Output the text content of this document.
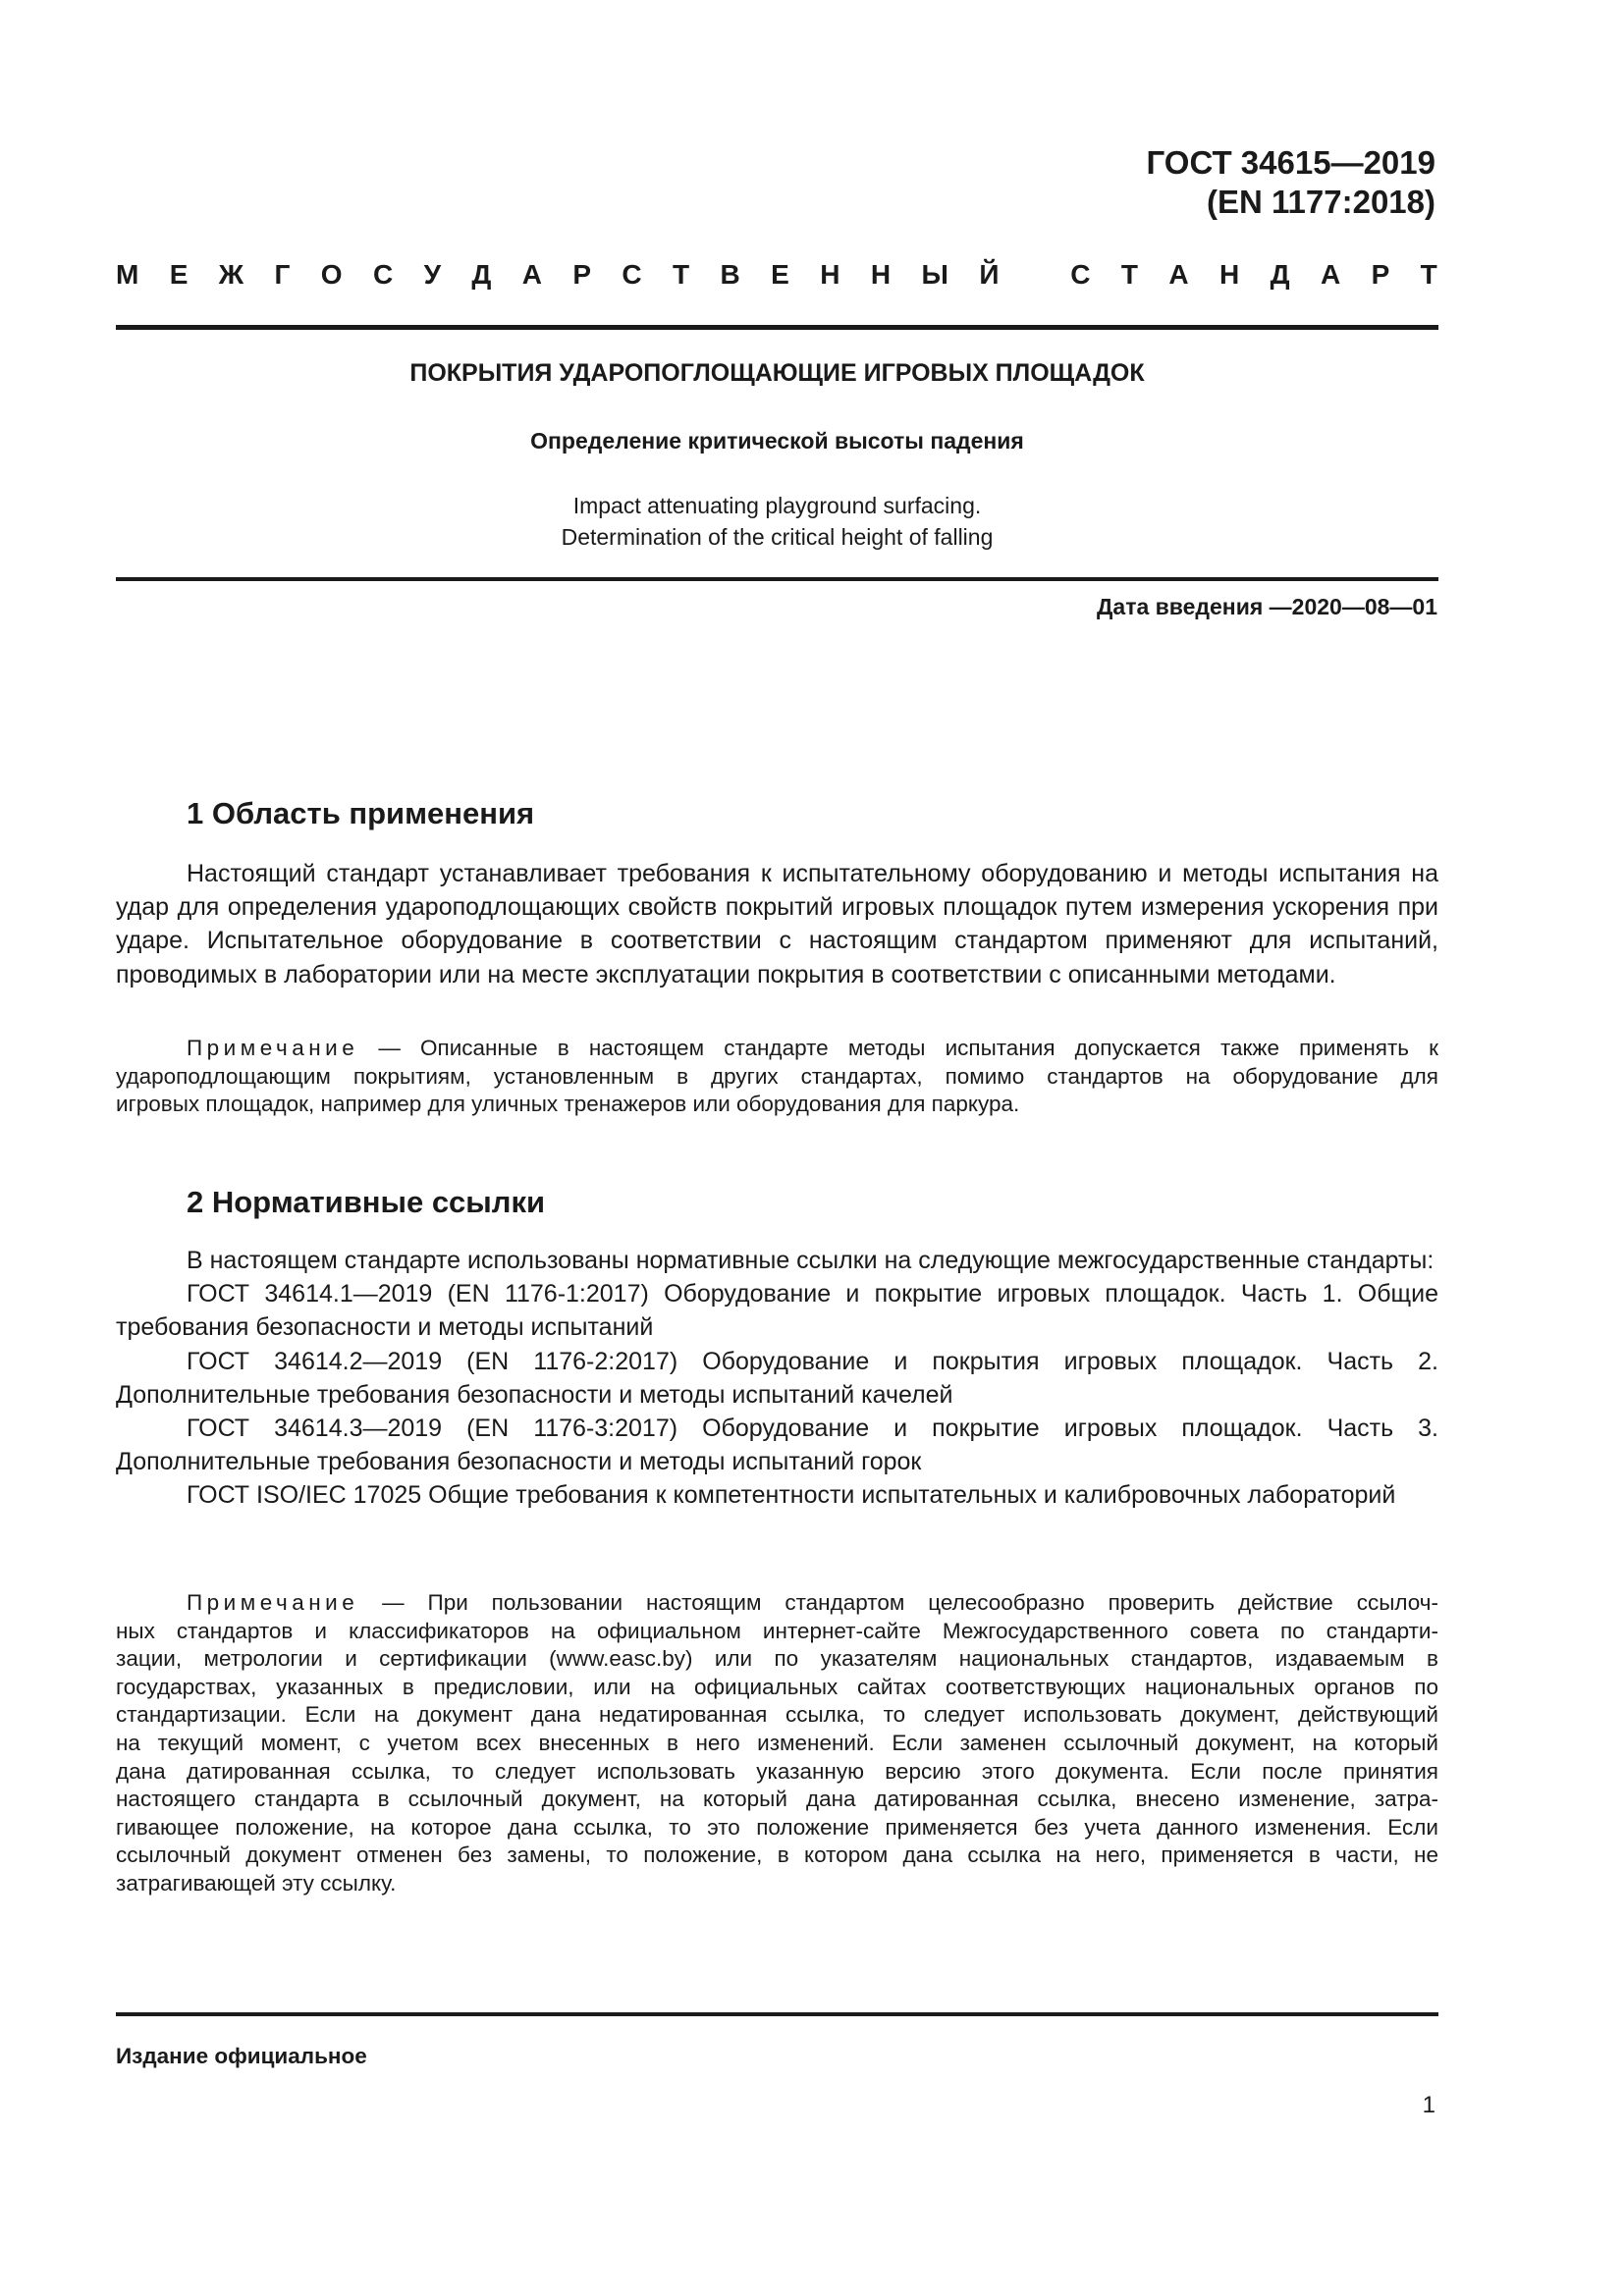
ГОСТ 34615—2019
(EN 1177:2018)
М Е Ж Г О С У Д А Р С Т В Е Н Н Ы Й	С Т А Н Д А Р Т
ПОКРЫТИЯ УДАРОПОГЛОЩАЮЩИЕ ИГРОВЫХ ПЛОЩАДОК
Определение критической высоты падения
Impact attenuating playground surfacing.
Determination of the critical height of falling
Дата введения —2020—08—01
1 Область применения

Настоящий стандарт устанавливает требования к испытательному оборудованию и методы испытания на удар для определения удароподлощающих свойств покрытий игровых площадок путем измерения ускорения при ударе. Испытательное оборудование в соответствии с настоящим стандартом применяют для испытаний, проводимых в лаборатории или на месте эксплуатации покрытия в соответствии с описанными методами.

Примечание — Описанные в настоящем стандарте методы испытания допускается также применять к
удароподлощающим покрытиям, установленным в других стандартах, помимо стандартов на оборудование для
игровых площадок, например для уличных тренажеров или оборудования для паркура.
2 Нормативные ссылки

В настоящем стандарте использованы нормативные ссылки на следующие межгосударственные стандарты:

ГОСТ 34614.1—2019 (EN 1176-1:2017) Оборудование и покрытие игровых площадок. Часть 1. Общие требования безопасности и методы испытаний

ГОСТ 34614.2—2019 (EN 1176-2:2017) Оборудование и покрытия игровых площадок. Часть 2. Дополнительные требования безопасности и методы испытаний качелей

ГОСТ 34614.3—2019 (EN 1176-3:2017) Оборудование и покрытие игровых площадок. Часть 3. Дополнительные требования безопасности и методы испытаний горок

ГОСТ ISO/IEC 17025 Общие требования к компетентности испытательных и калибровочных лабораторий

Примечание — При пользовании настоящим стандартом целесообразно проверить действие ссылоч-
ных стандартов и классификаторов на официальном интернет-сайте Межгосударственного совета по стандарти-
зации, метрологии и сертификации (www.easc.by) или по указателям национальных стандартов, издаваемым в
государствах, указанных в предисловии, или на официальных сайтах соответствующих национальных органов по
стандартизации. Если на документ дана недатированная ссылка, то следует использовать документ, действующий
на текущий момент, с учетом всех внесенных в него изменений. Если заменен ссылочный документ, на который
дана датированная ссылка, то следует использовать указанную версию этого документа. Если после принятия
настоящего стандарта в ссылочный документ, на который дана датированная ссылка, внесено изменение, затра-
гивающее положение, на которое дана ссылка, то это положение применяется без учета данного изменения. Если
ссылочный документ отменен без замены, то положение, в котором дана ссылка на него, применяется в части, не
затрагивающей эту ссылку.
Издание официальное
1
